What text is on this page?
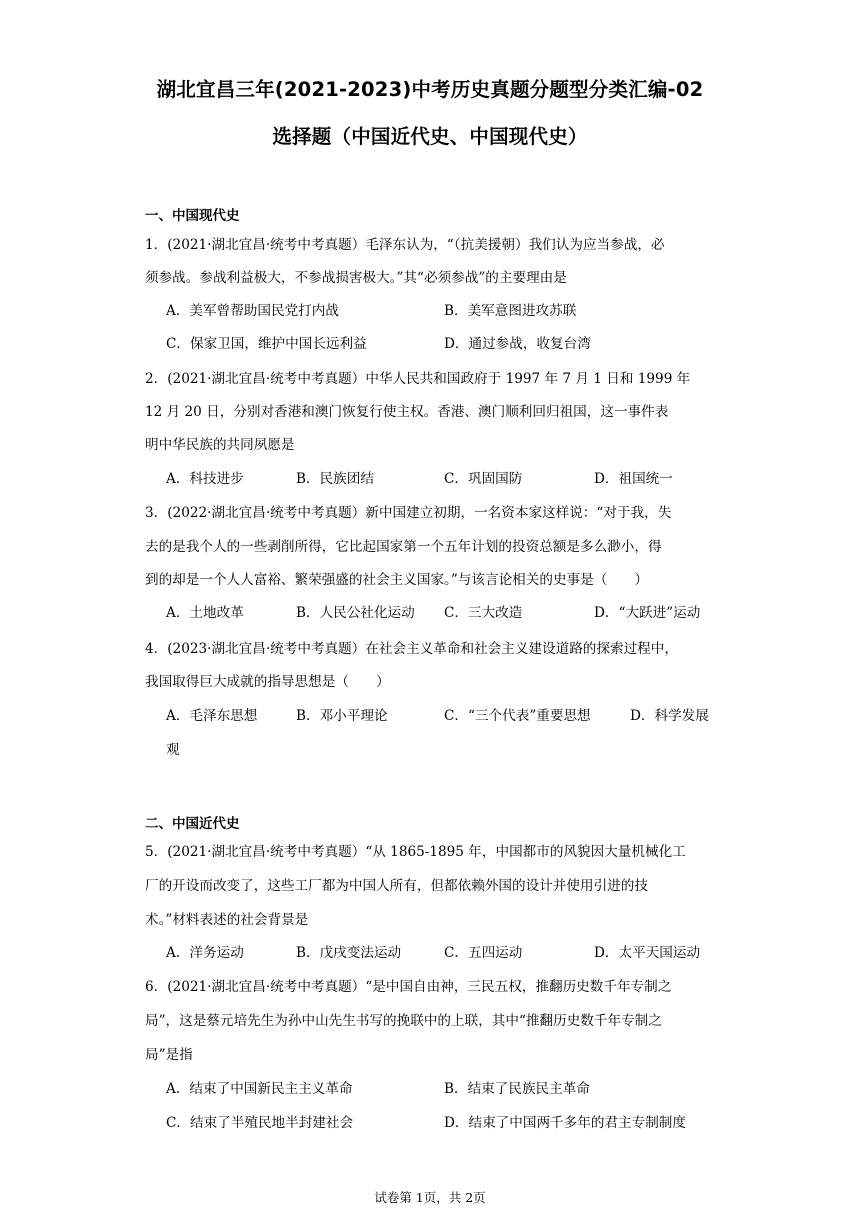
湖北宜昌三年(2021-2023)中考历史真题分题型分类汇编-02
选择题（中国近代史、中国现代史）
一、中国现代史
1．(2021·湖北宜昌·统考中考真题）毛泽东认为，“（抗美援朝）我们认为应当参战，必
须参战。参战利益极大，不参战损害极大。”其“必须参战”的主要理由是
A．美军曾帮助国民党打内战	B．美军意图进攻苏联
C．保家卫国，维护中国长远利益	D．通过参战，收复台湾
2．(2021·湖北宜昌·统考中考真题）中华人民共和国政府于 1997 年 7 月 1 日和 1999 年
12 月 20 日，分别对香港和澳门恢复行使主权。香港、澳门顺利回归祖国，这一事件表
明中华民族的共同夙愿是
A．科技进步	B．民族团结	C．巩固国防	D．祖国统一
3．(2022·湖北宜昌·统考中考真题）新中国建立初期，一名资本家这样说：“对于我，失
去的是我个人的一些剥削所得，它比起国家第一个五年计划的投资总额是多么渺小，得
到的却是一个人人富裕、繁荣强盛的社会主义国家。”与该言论相关的史事是（　　）
A．土地改革	B．人民公社化运动 C．三大改造	D．“大跃进”运动
4．(2023·湖北宜昌·统考中考真题）在社会主义革命和社会主义建设道路的探索过程中，
我国取得巨大成就的指导思想是（　　）
A．毛泽东思想	B．邓小平理论	C．“三个代表”重要思想	D．科学发展
观
二、中国近代史
5．(2021·湖北宜昌·统考中考真题）“从 1865-1895 年，中国都市的风貌因大量机械化工
厂的开设而改变了，这些工厂都为中国人所有，但都依赖外国的设计并使用引进的技
术。”材料表述的社会背景是
A．洋务运动	B．戊戌变法运动	C．五四运动	D．太平天国运动
6．(2021·湖北宜昌·统考中考真题）“是中国自由神，三民五权，推翻历史数千年专制之
局”，这是蔡元培先生为孙中山先生书写的挽联中的上联，其中“推翻历史数千年专制之
局”是指
A．结束了中国新民主主义革命	B．结束了民族民主革命
C．结束了半殖民地半封建社会	D．结束了中国两千多年的君主专制制度
试卷第 1页，共 2页
